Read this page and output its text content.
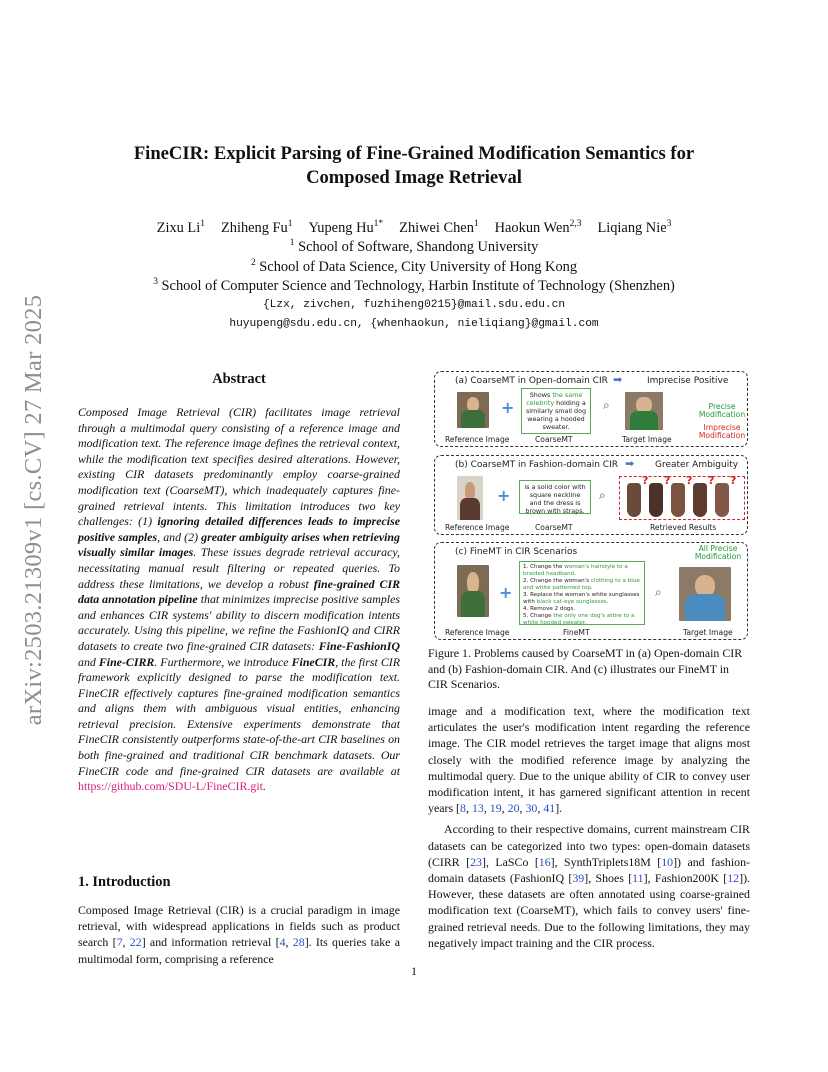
arXiv:2503.21309v1 [cs.CV] 27 Mar 2025
FineCIR: Explicit Parsing of Fine-Grained Modification Semantics for
Composed Image Retrieval
Zixu Li$^1$ Zhiheng Fu$^1$ Yupeng $Hu^{1*}$ Zhiwei Chen$^1$ Haokun Wen$^{2,3}$ Liqiang Nie$^3$
$^1$ School of Software, Shandong University
$^2$ School of Data Science, City University of Hong Kong
$^3$ School of Computer Science and Technology, Harbin Institute of Technology (Shenzhen)
{Lzx, zivchen, fuzhiheng0215}@mail.sdu.edu.cn
huyupeng@sdu.edu.cn, {whenhaokun, nieliqiang}@gmail.com
Abstract
Composed Image Retrieval (CIR) facilitates image retrieval through a multimodal query consisting of a reference image and modification text. The reference image defines the retrieval context, while the modification text specifies desired alterations. However, existing CIR datasets predominantly employ coarse-grained modification text (CoarseMT), which inadequately captures fine-grained retrieval intents. This limitation introduces two key challenges: (1) ignoring detailed differences leads to imprecise positive samples, and (2) greater ambiguity arises when retrieving visually similar images. These issues degrade retrieval accuracy, necessitating manual result filtering or repeated queries. To address these limitations, we develop a robust fine-grained CIR data annotation pipeline that minimizes imprecise positive samples and enhances CIR systems' ability to discern modification intents accurately. Using this pipeline, we refine the FashionIQ and CIRR datasets to create two fine-grained CIR datasets: Fine-FashionIQ and Fine-CIRR. Furthermore, we introduce FineCIR, the first CIR framework explicitly designed to parse the modification text. FineCIR effectively captures fine-grained modification semantics and aligns them with ambiguous visual entities, enhancing retrieval precision. Extensive experiments demonstrate that FineCIR consistently outperforms state-of-the-art CIR baselines on both fine-grained and traditional CIR benchmark datasets. Our FineCIR code and fine-grained CIR datasets are available at https://github.com/SDU-L/FineCIR.git.
1. Introduction
Composed Image Retrieval (CIR) is a crucial paradigm in image retrieval, with widespread applications in fields such as product search [7, 22] and information retrieval [4, 28]. Its queries take a multimodal form, comprising a reference
(a) CoarseMT in Open-domain CIR ➡	Imprecise Positive
+
Shows the same celebrity holding a similarly small dog wearing a hooded sweater.
⌕	Precise Modification
Imprecise Modification
Reference Image	CoarseMT	Target Image
(b) CoarseMT in Fashion-domain CIR ➡ Greater Ambiguity
+	is a solid color with square neckline and the dress is brown with straps.
⌕
? ? ? ? ?
Reference Image	CoarseMT	Retrieved Results
(c) FineMT in CIR Scenarios	All Precise Modification
+
1. Change the woman's hairstyle to a braided headband.
2. Change the woman's clothing to a blue and white patterned top.
3. Replace the woman's white sunglasses with black cat-eye sunglasses.
4. Remove 2 dogs.
5. Change the only one dog's attire to a white hooded sweater.
⌕
Reference Image	FineMT	Target Image
Figure 1. Problems caused by CoarseMT in (a) Open-domain CIR and (b) Fashion-domain CIR. And (c) illustrates our FineMT in CIR Scenarios.

image and a modification text, where the modification text articulates the user's modification intent regarding the reference image. The CIR model retrieves the target image that aligns most closely with the modified reference image by analyzing the multimodal query. Due to the unique ability of CIR to convey user modification intent, it has garnered significant attention in recent years [8, 13, 19, 20, 30, 41].

According to their respective domains, current mainstream CIR datasets can be categorized into two types: open-domain datasets (CIRR [23], LaSCo [16], SynthTriplets18M [10]) and fashion-domain datasets (FashionIQ [39], Shoes [11], Fashion200K [12]). However, these datasets are often annotated using coarse-grained modification text (CoarseMT), which fails to convey users' fine-grained retrieval needs. Due to the following limitations, they may negatively impact training and the CIR process.

1
